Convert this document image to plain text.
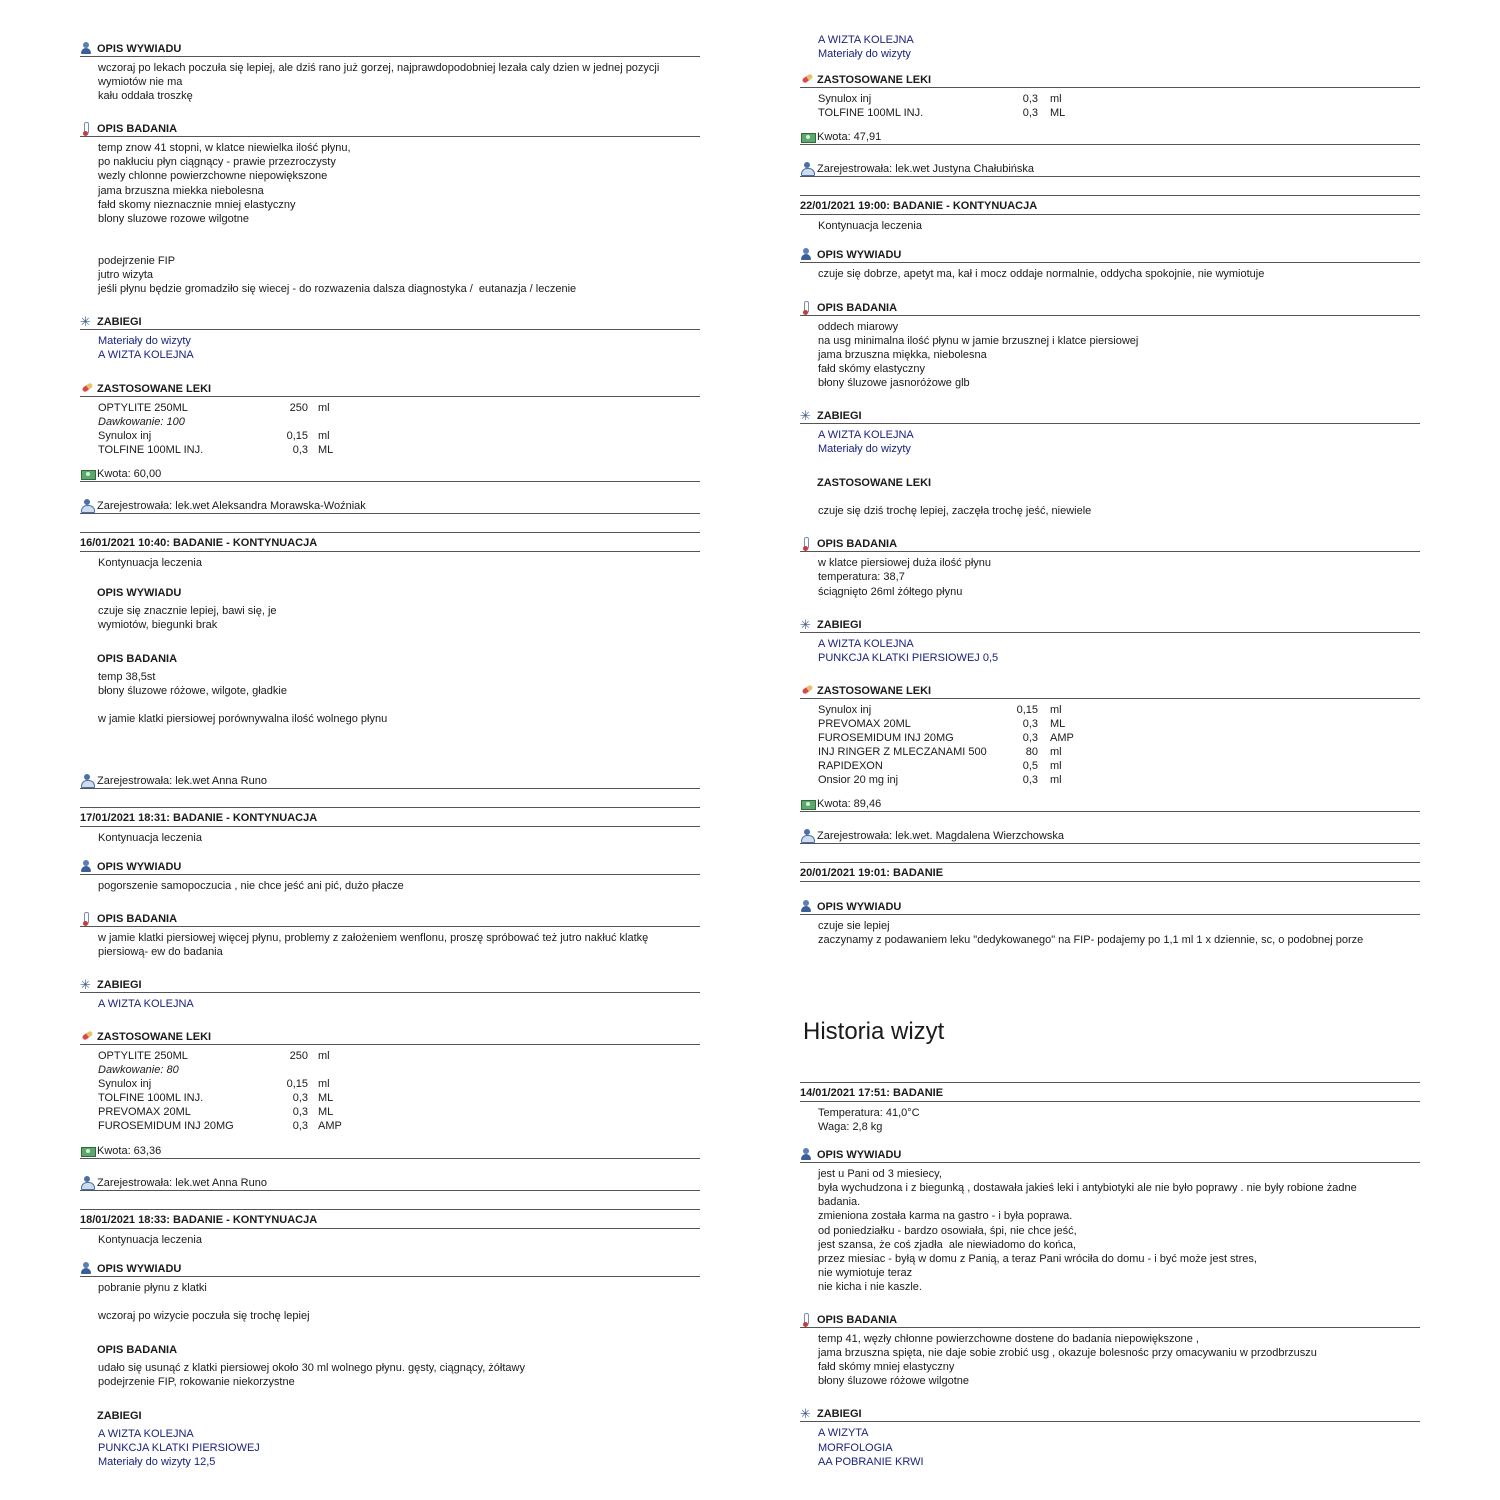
OPIS WYWIADU
wczoraj po lekach poczuła się lepiej, ale dziś rano już gorzej, najprawdopodobniej lezała caly dzien w jednej pozycji
wymiotów nie ma
kału oddała troszkę
OPIS BADANIA
temp znow 41 stopni, w klatce niewielka ilość płynu,
po nakłuciu płyn ciągnący - prawie przezroczysty
wezly chlonne powierzchowne niepowiększone
jama brzuszna miekka niebolesna
fałd skomy nieznacznie mniej elastyczny
blony sluzowe rozowe wilgotne
podejrzenie FIP
jutro wizyta
jeśli płynu będzie gromadziło się wiecej - do rozwazenia dalsza diagnostyka /  eutanazja / leczenie
✳ ZABIEGI
Materiały do wizyty
A WIZTA KOLEJNA
ZASTOSOWANE LEKI
OPTYLITE 250ML	250 ml
Dawkowanie: 100
Synulox inj	0,15 ml
TOLFINE 100ML INJ.	0,3 ML
Kwota: 60,00
Zarejestrowała: lek.wet Aleksandra Morawska-Woźniak
16/01/2021 10:40: BADANIE - KONTYNUACJA
Kontynuacja leczenia
OPIS WYWIADU
czuje się znacznie lepiej, bawi się, je
wymiotów, biegunki brak
OPIS BADANIA
temp 38,5st
błony śluzowe różowe, wilgote, gładkie
w jamie klatki piersiowej porównywalna ilość wolnego płynu
Zarejestrowała: lek.wet Anna Runo
17/01/2021 18:31: BADANIE - KONTYNUACJA
Kontynuacja leczenia
OPIS WYWIADU
pogorszenie samopoczucia , nie chce jeść ani pić, dużo płacze
OPIS BADANIA
w jamie klatki piersiowej więcej płynu, problemy z założeniem wenflonu, proszę spróbować też jutro nakłuć klatkę
piersiową- ew do badania
✳ ZABIEGI
A WIZTA KOLEJNA
ZASTOSOWANE LEKI
OPTYLITE 250ML	250 ml
Dawkowanie: 80
Synulox inj	0,15 ml
TOLFINE 100ML INJ.	0,3 ML
PREVOMAX 20ML	0,3 ML
FUROSEMIDUM INJ 20MG	0,3 AMP
Kwota: 63,36
Zarejestrowała: lek.wet Anna Runo
18/01/2021 18:33: BADANIE - KONTYNUACJA
Kontynuacja leczenia
OPIS WYWIADU
pobranie płynu z klatki
wczoraj po wizycie poczuła się trochę lepiej
OPIS BADANIA
udało się usunąć z klatki piersiowej około 30 ml wolnego płynu. gęsty, ciągnący, żółtawy
podejrzenie FIP, rokowanie niekorzystne
ZABIEGI
A WIZTA KOLEJNA
PUNKCJA KLATKI PIERSIOWEJ
Materiały do wizyty 12,5
A WIZTA KOLEJNA
Materiały do wizyty
ZASTOSOWANE LEKI
Synulox inj	0,3	ml
TOLFINE 100ML INJ.	0,3	ML
Kwota: 47,91
Zarejestrowała: lek.wet Justyna Chałubińska
22/01/2021 19:00: BADANIE - KONTYNUACJA
Kontynuacja leczenia
OPIS WYWIADU
czuje się dobrze, apetyt ma, kał i mocz oddaje normalnie, oddycha spokojnie, nie wymiotuje
OPIS BADANIA
oddech miarowy
na usg minimalna ilość płynu w jamie brzusznej i klatce piersiowej
jama brzuszna miękka, niebolesna
fałd skómy elastyczny
błony śluzowe jasnoróżowe glb
✳ ZABIEGI
A WIZTA KOLEJNA
Materiały do wizyty
ZASTOSOWANE LEKI
czuje się dziś trochę lepiej, zaczęła trochę jeść, niewiele
OPIS BADANIA
w klatce piersiowej duża ilość płynu
temperatura: 38,7
ściągnięto 26ml żółtego płynu
✳ ZABIEGI
A WIZTA KOLEJNA
PUNKCJA KLATKI PIERSIOWEJ 0,5
ZASTOSOWANE LEKI
Synulox inj	0,15	ml
PREVOMAX 20ML	0,3	ML
FUROSEMIDUM INJ 20MG	0,3	AMP
INJ RINGER Z MLECZANAMI 500	80	ml
RAPIDEXON	0,5	ml
Onsior 20 mg inj	0,3	ml
Kwota: 89,46
Zarejestrowała: lek.wet. Magdalena Wierzchowska
20/01/2021 19:01: BADANIE
OPIS WYWIADU
czuje sie lepiej
zaczynamy z podawaniem leku "dedykowanego" na FIP- podajemy po 1,1 ml 1 x dziennie, sc, o podobnej porze
Historia wizyt
14/01/2021 17:51: BADANIE
Temperatura: 41,0°C
Waga: 2,8 kg
OPIS WYWIADU
jest u Pani od 3 miesiecy,
była wychudzona i z biegunką , dostawała jakieś leki i antybiotyki ale nie było poprawy . nie były robione żadne
badania.
zmieniona została karma na gastro - i była poprawa.
od poniedziałku - bardzo osowiała, śpi, nie chce jeść,
jest szansa, że coś zjadła  ale niewiadomo do końca,
przez miesiac - byłą w domu z Panią, a teraz Pani wróciła do domu - i być może jest stres,
nie wymiotuje teraz
nie kicha i nie kaszle.
OPIS BADANIA
temp 41, węzły chłonne powierzchowne dostene do badania niepowiększone ,
jama brzuszna spięta, nie daje sobie zrobić usg , okazuje bolesnośc przy omacywaniu w przodbrzuszu
fałd skómy mniej elastyczny
błony śluzowe różowe wilgotne
✳ ZABIEGI
A WIZYTA
MORFOLOGIA
AA POBRANIE KRWI
